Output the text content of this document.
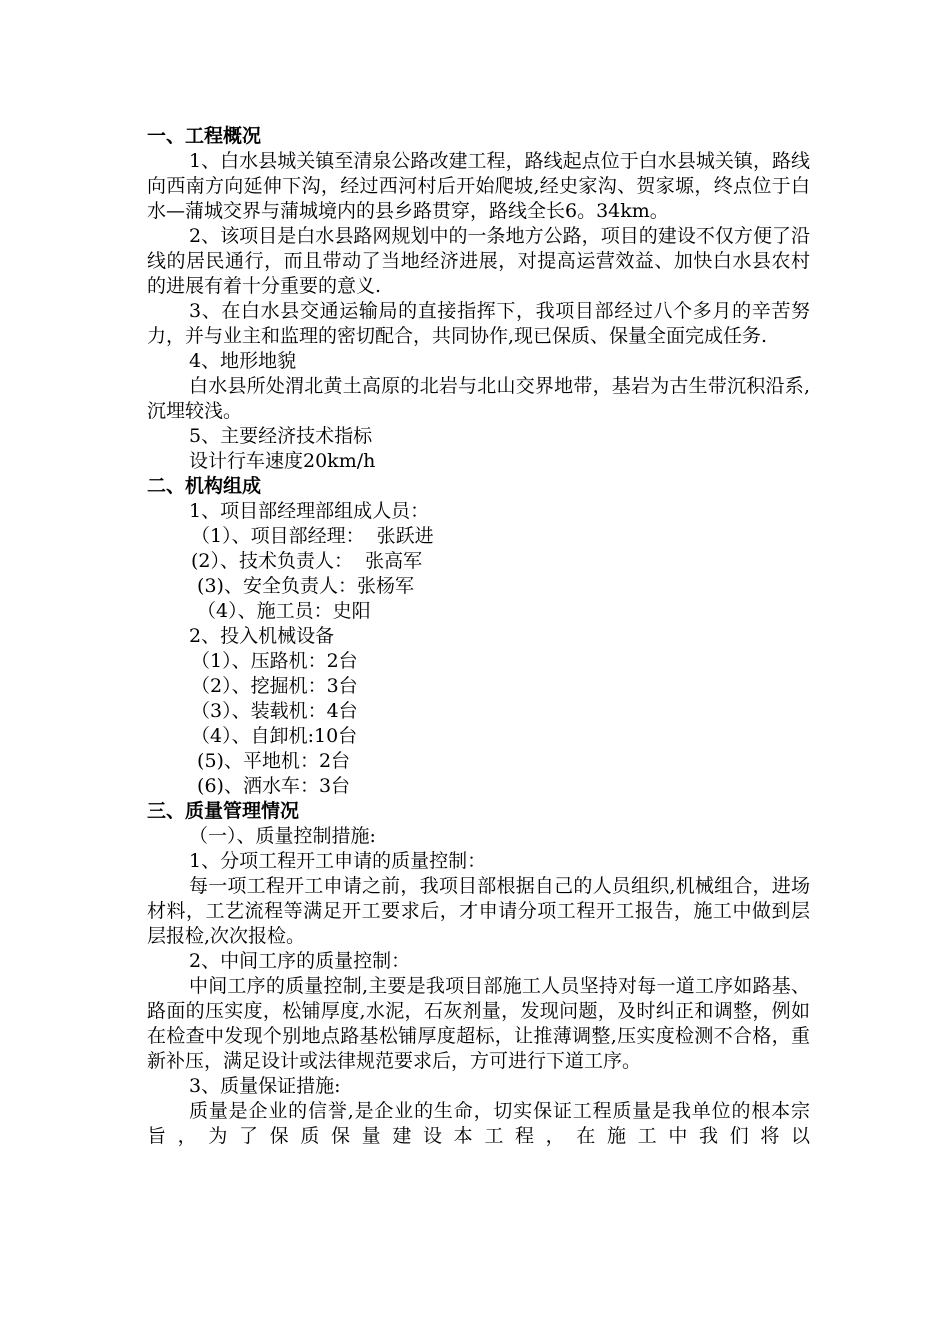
一、工程概况

1、白水县城关镇至清泉公路改建工程，路线起点位于白水县城关镇，路线向西南方向延伸下沟，经过西河村后开始爬坡,经史家沟、贺家塬，终点位于白水—蒲城交界与蒲城境内的县乡路贯穿，路线全长6。34km。

2、该项目是白水县路网规划中的一条地方公路，项目的建设不仅方便了沿线的居民通行，而且带动了当地经济进展，对提高运营效益、加快白水县农村的进展有着十分重要的意义.

3、在白水县交通运输局的直接指挥下，我项目部经过八个多月的辛苦努力，并与业主和监理的密切配合，共同协作,现已保质、保量全面完成任务.

4、地形地貌

白水县所处渭北黄土高原的北岩与北山交界地带，基岩为古生带沉积沿系,沉埋较浅。

5、主要经济技术指标

设计行车速度20km/h

二、机构组成

1、项目部经理部组成人员：

（1）、项目部经理：  张跃进

(2）、技术负责人：  张高军

(3)、安全负责人：张杨军

（4）、施工员：史阳

2、投入机械设备

（1）、压路机：2台

（2）、挖掘机：3台

（3）、装载机：4台

（4）、自卸机:10台

(5)、平地机：2台

(6)、洒水车：3台

三、质量管理情况

（一）、质量控制措施:

1、分项工程开工申请的质量控制：

每一项工程开工申请之前，我项目部根据自己的人员组织,机械组合，进场材料，工艺流程等满足开工要求后，才申请分项工程开工报告，施工中做到层层报检,次次报检。

2、中间工序的质量控制：

中间工序的质量控制,主要是我项目部施工人员坚持对每一道工序如路基、路面的压实度，松铺厚度,水泥，石灰剂量，发现问题，及时纠正和调整，例如在检查中发现个别地点路基松铺厚度超标，让推薄调整,压实度检测不合格，重新补压，满足设计或法律规范要求后，方可进行下道工序。

3、质量保证措施:

质量是企业的信誉,是企业的生命，切实保证工程质量是我单位的根本宗旨，为了保质保量建设本工程，在施工中我们将以
